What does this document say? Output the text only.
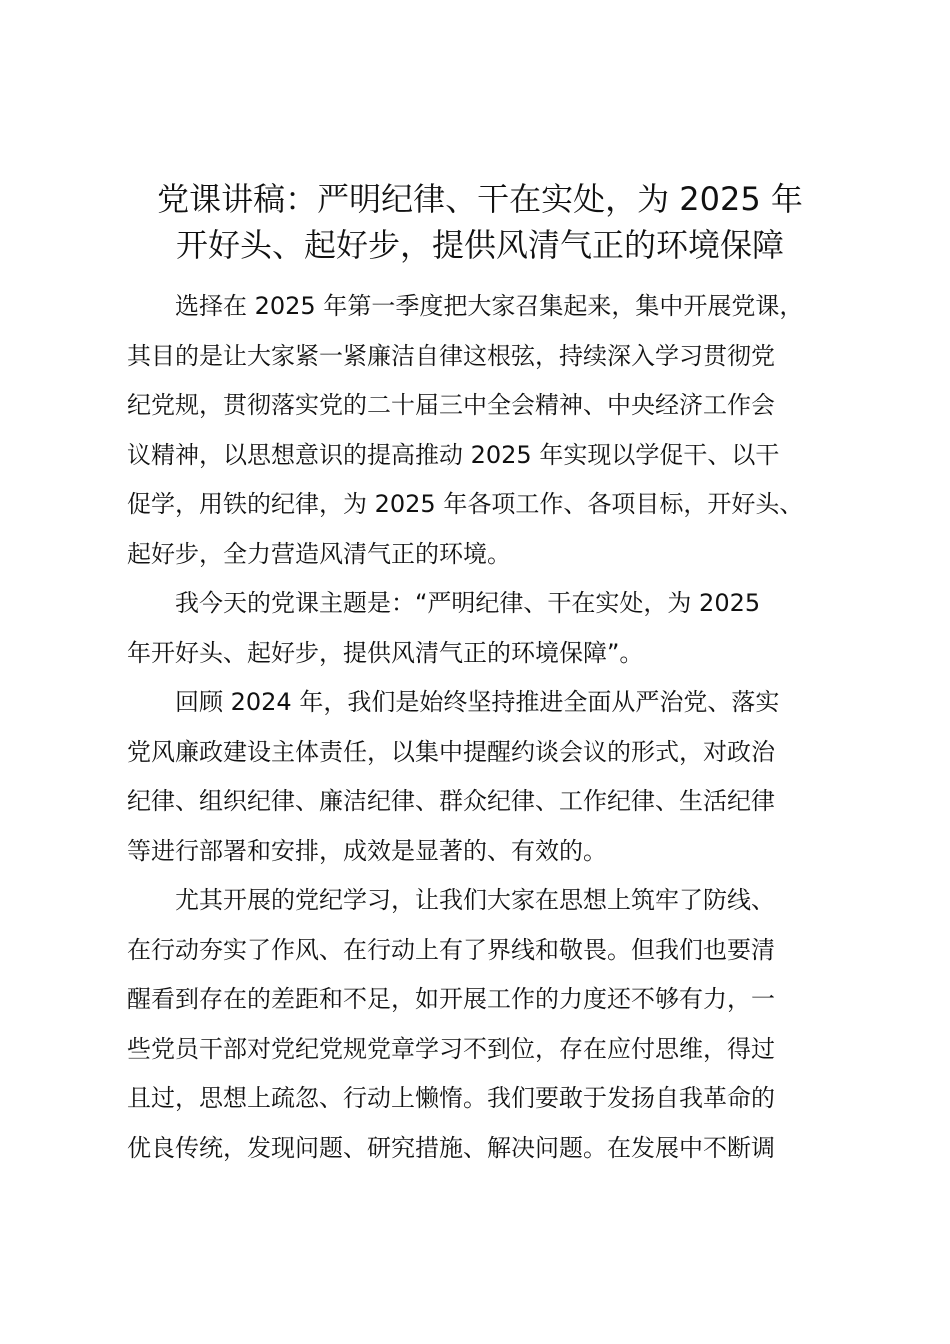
党课讲稿：严明纪律、干在实处，为 2025 年
开好头、起好步，提供风清气正的环境保障

选择在 2025 年第一季度把大家召集起来，集中开展党课，
其目的是让大家紧一紧廉洁自律这根弦，持续深入学习贯彻党
纪党规，贯彻落实党的二十届三中全会精神、中央经济工作会
议精神，以思想意识的提高推动 2025 年实现以学促干、以干
促学，用铁的纪律，为 2025 年各项工作、各项目标，开好头、
起好步，全力营造风清气正的环境。

我今天的党课主题是：“严明纪律、干在实处，为 2025
年开好头、起好步，提供风清气正的环境保障”。

回顾 2024 年，我们是始终坚持推进全面从严治党、落实
党风廉政建设主体责任，以集中提醒约谈会议的形式，对政治
纪律、组织纪律、廉洁纪律、群众纪律、工作纪律、生活纪律
等进行部署和安排，成效是显著的、有效的。

尤其开展的党纪学习，让我们大家在思想上筑牢了防线、
在行动夯实了作风、在行动上有了界线和敬畏。但我们也要清
醒看到存在的差距和不足，如开展工作的力度还不够有力，一
些党员干部对党纪党规党章学习不到位，存在应付思维，得过
且过，思想上疏忽、行动上懒惰。我们要敢于发扬自我革命的
优良传统，发现问题、研究措施、解决问题。在发展中不断调
